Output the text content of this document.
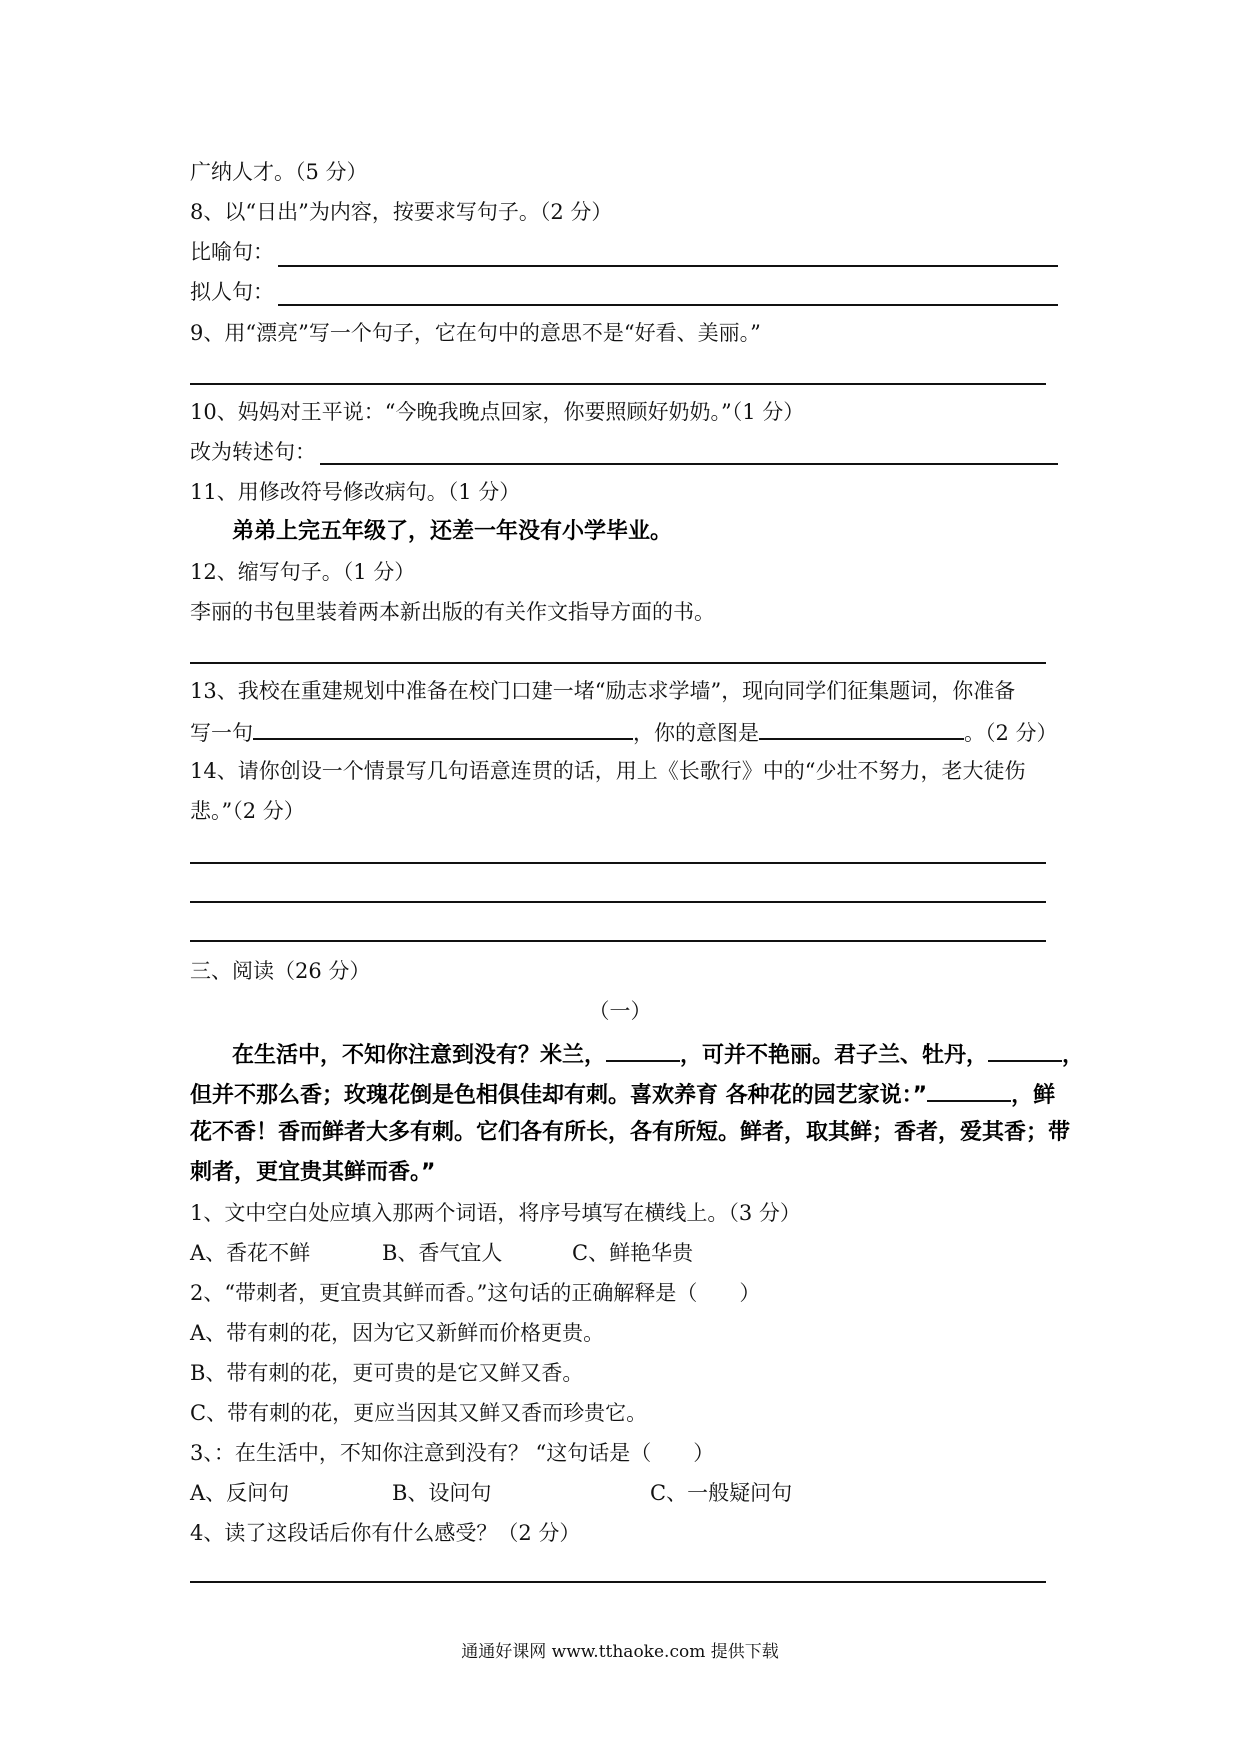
广纳人才。（5 分）
8、以“日出”为内容，按要求写句子。（2 分）
比喻句：
拟人句：
9、用“漂亮”写一个句子，它在句中的意思不是“好看、美丽。”
10、妈妈对王平说：“今晚我晚点回家，你要照顾好奶奶。”（1 分）
改为转述句：
11、用修改符号修改病句。（1 分）
弟弟上完五年级了，还差一年没有小学毕业。
12、缩写句子。（1 分）
李丽的书包里装着两本新出版的有关作文指导方面的书。
13、我校在重建规划中准备在校门口建一堵“励志求学墙”，现向同学们征集题词，你准备
写一句	，你的意图是	。（2 分）
14、请你创设一个情景写几句语意连贯的话，用上《长歌行》中的“少壮不努力，老大徒伤
悲。”（2 分）
三、阅读（26 分）
（一）
在生活中，不知你注意到没有？米兰，	，可并不艳丽。君子兰、牡丹，	，
但并不那么香；玫瑰花倒是色相俱佳却有刺。喜欢养育 各种花的园艺家说：”	，鲜
花不香！香而鲜者大多有刺。它们各有所长，各有所短。鲜者，取其鲜；香者，爱其香；带
刺者，更宜贵其鲜而香。”
1、文中空白处应填入那两个词语，将序号填写在横线上。（3 分）
A、香花不鲜	B、香气宜人	C、鲜艳华贵
2、“带刺者，更宜贵其鲜而香。”这句话的正确解释是（　　）
A、带有刺的花，因为它又新鲜而价格更贵。
B、带有刺的花，更可贵的是它又鲜又香。
C、带有刺的花，更应当因其又鲜又香而珍贵它。
3、：在生活中，不知你注意到没有？ “这句话是（　　）
A、反问句	B、设问句	C、一般疑问句
4、读了这段话后你有什么感受？（2 分）
通通好课网 www.tthaoke.com 提供下载
